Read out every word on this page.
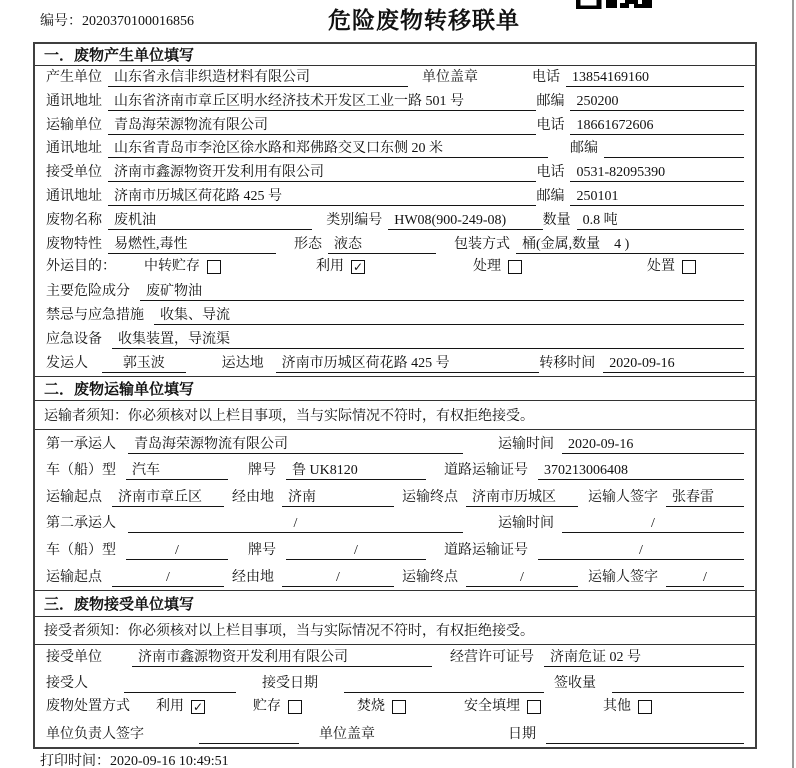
编号：2020370100016856	危险废物转移联单
一．废物产生单位填写
产生单位 山东省永信非织造材料有限公司	单位盖章	电话 13854169160
通讯地址 山东省济南市章丘区明水经济技术开发区工业一路 501 号	邮编 250200
运输单位 青岛海荣源物流有限公司	电话 18661672606
通讯地址 山东省青岛市李沧区徐水路和郑佛路交叉口东侧 20 米	邮编
接受单位 济南市鑫源物资开发利用有限公司	电话 0531-82095390
通讯地址 济南市历城区荷花路 425 号	邮编 250101
废物名称 废机油	类别编号 HW08(900-249-08)	数量 0.8 吨
废物特性 易燃性,毒性	形态 液态	包装方式 桶(金属,数量　4 )
外运目的： 中转贮存	利用 ✓	处理	处置
主要危险成分	废矿物油
禁忌与应急措施	收集、导流
应急设备	收集装置，导流渠
发运人	郭玉波	运达地	济南市历城区荷花路 425 号	转移时间	2020-09-16
二．废物运输单位填写
运输者须知：你必须核对以上栏目事项，当与实际情况不符时，有权拒绝接受。
第一承运人	青岛海荣源物流有限公司	运输时间	2020-09-16
车（船）型	汽车	牌号	鲁 UK8120	道路运输证号	370213006408
运输起点	济南市章丘区	经由地	济南	运输终点	济南市历城区	运输人签字	张春雷
第二承运人	/	运输时间	/
车（船）型	/	牌号	/	道路运输证号	/
运输起点	/	经由地	/	运输终点	/	运输人签字	/
三．废物接受单位填写
接受者须知：你必须核对以上栏目事项，当与实际情况不符时，有权拒绝接受。
接受单位	济南市鑫源物资开发利用有限公司	经营许可证号	济南危证 02 号
接受人	接受日期	签收量
废物处置方式 利用 ✓	贮存	焚烧	安全填埋	其他
单位负责人签字	单位盖章	日期
打印时间：2020-09-16 10:49:51
